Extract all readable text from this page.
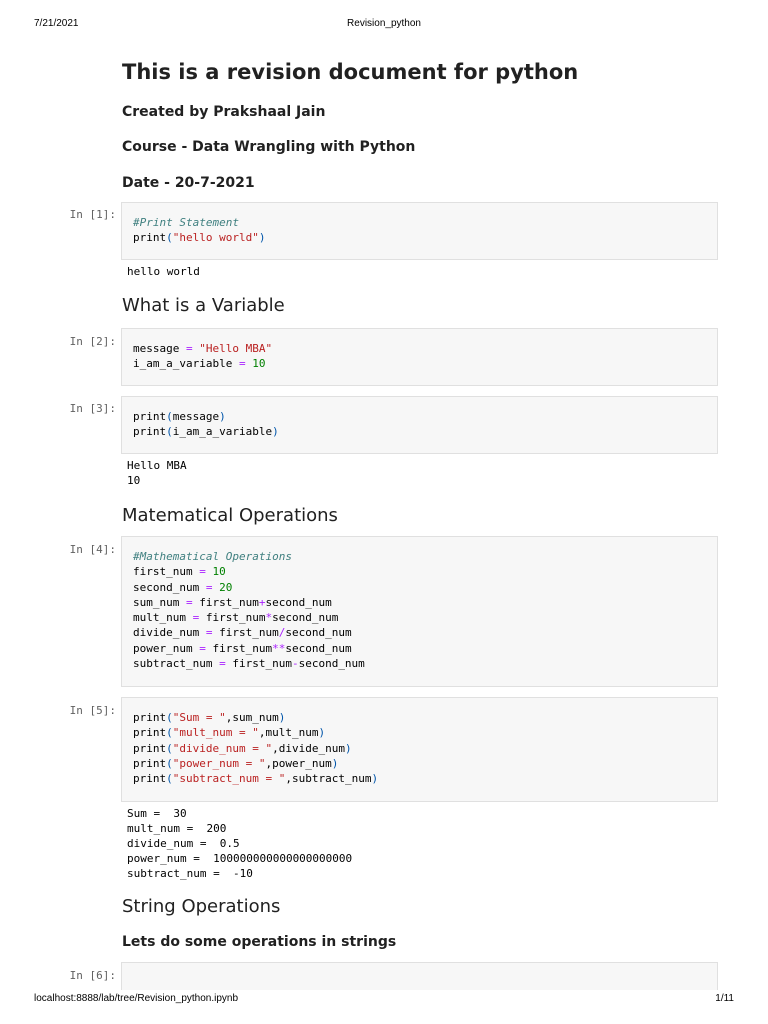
7/21/2021	Revision_python
This is a revision document for python
Created by Prakshaal Jain
Course - Data Wrangling with Python
Date - 20-7-2021
In [1]:
#Print Statement
print("hello world")
hello world
What is a Variable
In [2]:
message = "Hello MBA"
i_am_a_variable = 10
In [3]:
print(message)
print(i_am_a_variable)
Hello MBA
10
Matematical Operations
In [4]:
#Mathematical Operations
first_num = 10
second_num = 20
sum_num = first_num+second_num
mult_num = first_num*second_num
divide_num = first_num/second_num
power_num = first_num**second_num
subtract_num = first_num-second_num
In [5]:
print("Sum = ",sum_num)
print("mult_num = ",mult_num)
print("divide_num = ",divide_num)
print("power_num = ",power_num)
print("subtract_num = ",subtract_num)
Sum =  30
mult_num =  200
divide_num =  0.5
power_num =  100000000000000000000
subtract_num =  -10
String Operations
Lets do some operations in strings
In [6]:
localhost:8888/lab/tree/Revision_python.ipynb	1/11
